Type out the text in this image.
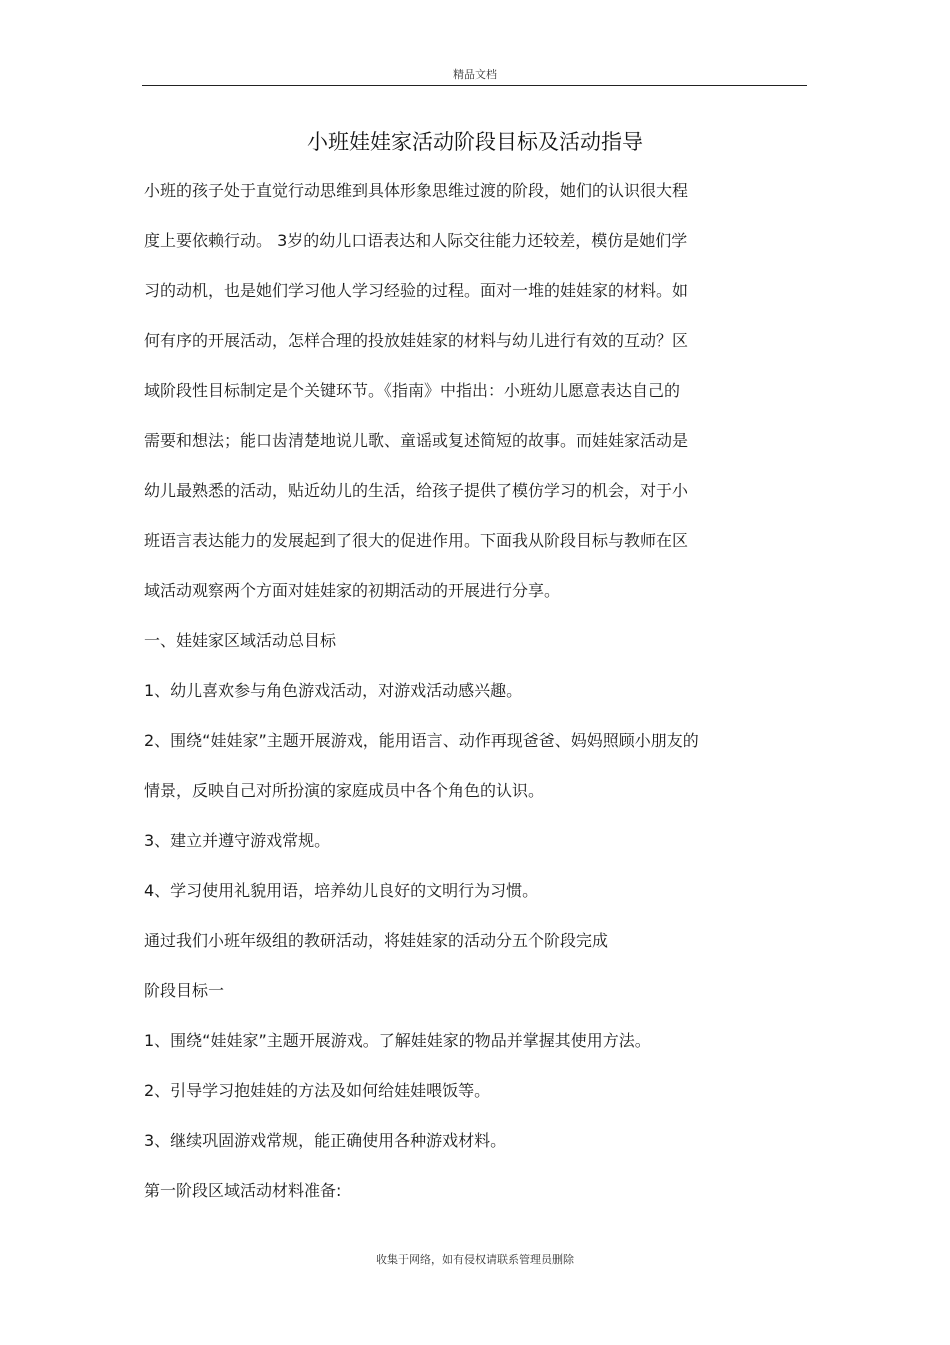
精品文档
小班娃娃家活动阶段目标及活动指导
小班的孩子处于直觉行动思维到具体形象思维过渡的阶段，她们的认识很大程
度上要依赖行动。 3岁的幼儿口语表达和人际交往能力还较差，模仿是她们学
习的动机，也是她们学习他人学习经验的过程。面对一堆的娃娃家的材料。如
何有序的开展活动，怎样合理的投放娃娃家的材料与幼儿进行有效的互动？区
域阶段性目标制定是个关键环节。《指南》中指出：小班幼儿愿意表达自己的
需要和想法；能口齿清楚地说儿歌、童谣或复述简短的故事。而娃娃家活动是
幼儿最熟悉的活动，贴近幼儿的生活，给孩子提供了模仿学习的机会，对于小
班语言表达能力的发展起到了很大的促进作用。下面我从阶段目标与教师在区
域活动观察两个方面对娃娃家的初期活动的开展进行分享。
一、娃娃家区域活动总目标
1、幼儿喜欢参与角色游戏活动，对游戏活动感兴趣。
2、围绕“娃娃家”主题开展游戏，能用语言、动作再现爸爸、妈妈照顾小朋友的
情景，反映自己对所扮演的家庭成员中各个角色的认识。
3、建立并遵守游戏常规。
4、学习使用礼貌用语，培养幼儿良好的文明行为习惯。
通过我们小班年级组的教研活动，将娃娃家的活动分五个阶段完成
阶段目标一
1、围绕“娃娃家”主题开展游戏。了解娃娃家的物品并掌握其使用方法。
2、引导学习抱娃娃的方法及如何给娃娃喂饭等。
3、继续巩固游戏常规，能正确使用各种游戏材料。
第一阶段区域活动材料准备:
收集于网络，如有侵权请联系管理员删除
